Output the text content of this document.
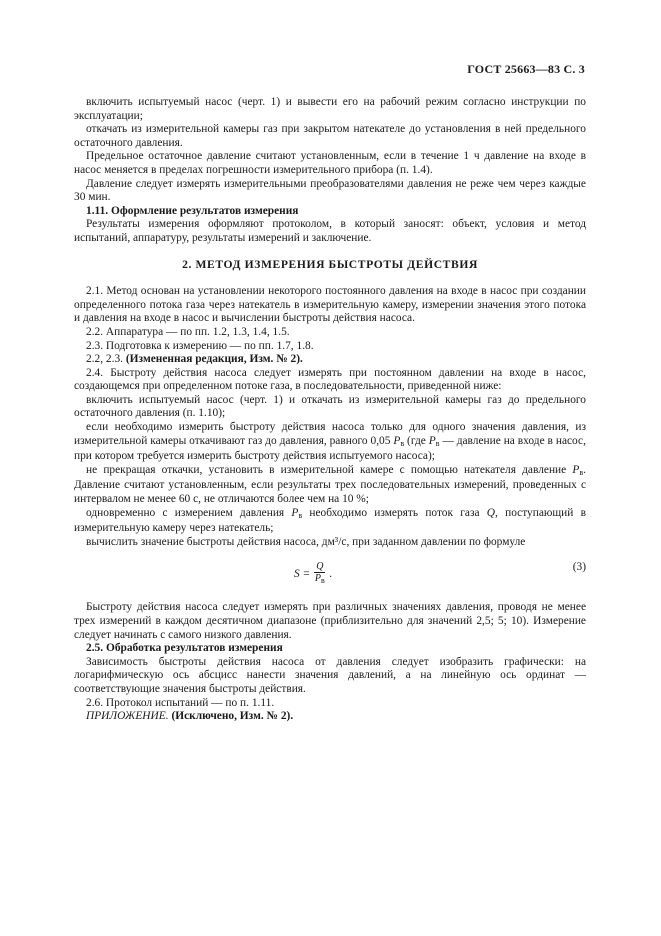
ГОСТ 25663—83 С. 3

включить испытуемый насос (черт. 1) и вывести его на рабочий режим согласно инструкции по эксплуатации;

откачать из измерительной камеры газ при закрытом натекателе до установления в ней предельного остаточного давления.

Предельное остаточное давление считают установленным, если в течение 1 ч давление на входе в насос меняется в пределах погрешности измерительного прибора (п. 1.4).

Давление следует измерять измерительными преобразователями давления не реже чем через каждые 30 мин.

1.11. Оформление результатов измерения

Результаты измерения оформляют протоколом, в который заносят: объект, условия и метод испытаний, аппаратуру, результаты измерений и заключение.

2. МЕТОД ИЗМЕРЕНИЯ БЫСТРОТЫ ДЕЙСТВИЯ

2.1. Метод основан на установлении некоторого постоянного давления на входе в насос при создании определенного потока газа через натекатель в измерительную камеру, измерении значения этого потока и давления на входе в насос и вычислении быстроты действия насоса.

2.2. Аппаратура — по пп. 1.2, 1.3, 1.4, 1.5.

2.3. Подготовка к измерению — по пп. 1.7, 1.8.

2.2, 2.3. (Измененная редакция, Изм. № 2).

2.4. Быстроту действия насоса следует измерять при постоянном давлении на входе в насос, создающемся при определенном потоке газа, в последовательности, приведенной ниже:

включить испытуемый насос (черт. 1) и откачать из измерительной камеры газ до предельного остаточного давления (п. 1.10);

если необходимо измерить быстроту действия насоса только для одного значения давления, из измерительной камеры откачивают газ до давления, равного 0,05 $P_в$ (где $P_в$ — давление на входе в насос, при котором требуется измерить быстроту действия испытуемого насоса);

не прекращая откачки, установить в измерительной камере с помощью натекателя давление $P_в$. Давление считают установленным, если результаты трех последовательных измерений, проведенных с интервалом не менее 60 с, не отличаются более чем на 10 %;

одновременно с измерением давления $P_в$ необходимо измерять поток газа Q, поступающий в измерительную камеру через натекатель;

вычислить значение быстроты действия насоса, дм³/с, при заданном давлении по формуле

$S = \frac{Q}{P_в}$ .
(3)

Быстроту действия насоса следует измерять при различных значениях давления, проводя не менее трех измерений в каждом десятичном диапазоне (приблизительно для значений 2,5; 5; 10). Измерение следует начинать с самого низкого давления.

2.5. Обработка результатов измерения

Зависимость быстроты действия насоса от давления следует изобразить графически: на логарифмическую ось абсцисс нанести значения давлений, а на линейную ось ординат — соответствующие значения быстроты действия.

2.6. Протокол испытаний — по п. 1.11.

ПРИЛОЖЕНИЕ. (Исключено, Изм. № 2).
